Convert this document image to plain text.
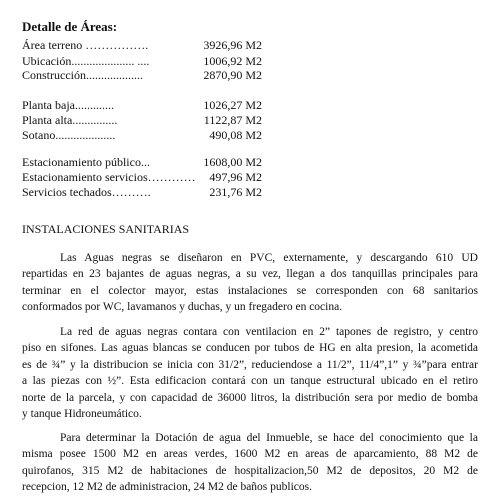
Detalle de Áreas:
Área terreno …………….	3926,96 M2
Ubicación..................... ....	1006,92 M2
Construcción...................	2870,90 M2
Planta baja.............	1026,27 M2
Planta alta...............	1122,87 M2
Sotano....................	490,08 M2
Estacionamiento público...	1608,00 M2
Estacionamiento servicios………… 497,96 M2
Servicios techados……….	231,76 M2
INSTALACIONES SANITARIAS
Las Aguas negras se diseñaron en PVC, externamente, y descargando 610 UD
repartidas en 23 bajantes de aguas negras, a su vez, llegan a dos tanquillas principales para
terminar en el colector mayor, estas instalaciones se corresponden con 68 sanitarios
conformados por WC, lavamanos y duchas, y un fregadero en cocina.
La red de aguas negras contara con ventilacion en 2” tapones de registro, y centro
piso en sifones. Las aguas blancas se conducen por tubos de HG en alta presion, la acometida
es de ¾” y la distribucion se inicia con 31/2”, reduciendose a 11/2”, 11/4”,1” y ¾”para entrar
a las piezas con ½”. Esta edificacion contará con un tanque estructural ubicado en el retiro
norte de la parcela, y con capacidad de 36000 litros, la distribución sera por medio de bomba
y tanque Hidroneumático.
Para determinar la Dotación de agua del Inmueble, se hace del conocimiento que la
misma posee 1500 M2 en areas verdes, 1600 M2 en areas de aparcamiento, 88 M2 de
quirofanos, 315 M2 de habitaciones de hospitalizacion,50 M2 de depositos, 20 M2 de
recepcion, 12 M2 de administracion, 24 M2 de baños publicos.
